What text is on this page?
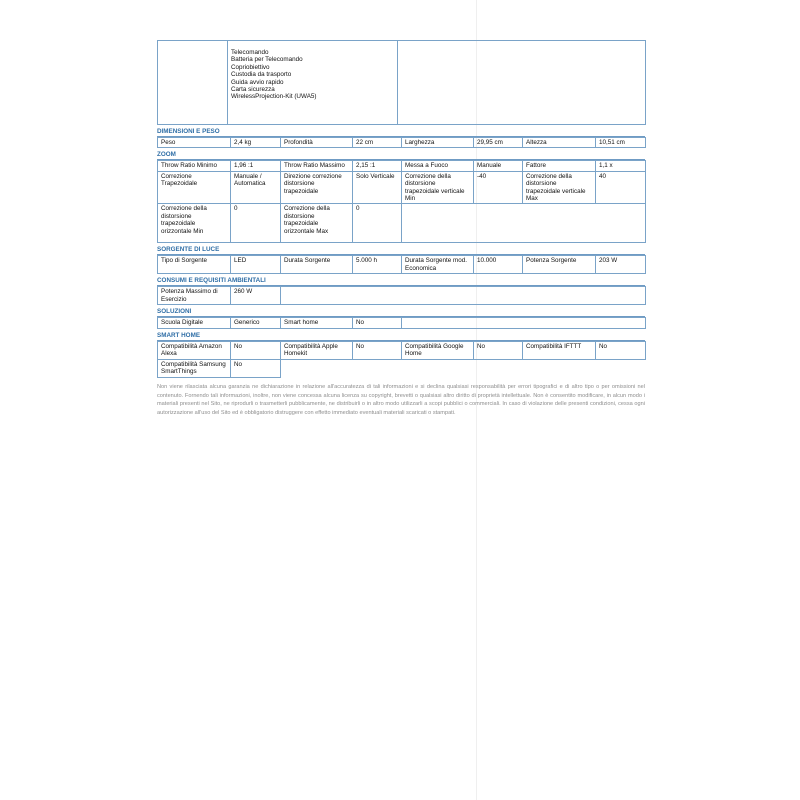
	Telecomando
Batteria per Telecomando
Copriobiettivo
Custodia da trasporto
Guida avvio rapido
Carta sicurezza
WirelessProjection-Kit (UWA5)	
DIMENSIONI E PESO
Peso	2,4 kg	Profondità	22 cm	Larghezza	29,95 cm	Altezza	10,51 cm
ZOOM
Throw Ratio Minimo	1,96 :1	Throw Ratio Massimo	2,15 :1	Messa a Fuoco	Manuale	Fattore	1,1 x
Correzione Trapezoidale	Manuale / Automatica	Direzione correzione distorsione trapezoidale	Solo Verticale	Correzione della distorsione trapezoidale verticale Min	-40	Correzione della distorsione trapezoidale verticale Max	40
Correzione della distorsione trapezoidale orizzontale Min	0	Correzione della distorsione trapezoidale orizzontale Max	0				
SORGENTE DI LUCE
Tipo di Sorgente	LED	Durata Sorgente	5.000 h	Durata Sorgente mod. Economica	10.000	Potenza Sorgente	203 W
CONSUMI E REQUISITI AMBIENTALI
Potenza Massimo di Esercizio	260 W	
SOLUZIONI
Scuola Digitale	Generico	Smart home	No	
SMART HOME
Compatibilità Amazon Alexa	No	Compatibilità Apple Homekit	No	Compatibilità Google Home	No	Compatibilità IFTTT	No
Compatibilità Samsung SmartThings	No						
Non viene rilasciata alcuna garanzia ne dichiarazione in relazione all'accuratezza di tali informazioni e si declina qualsiasi responsabilità per errori tipografici e di altro tipo o per omissioni nel contenuto. Fornendo tali informazioni, inoltre, non viene concessa alcuna licenza su copyright, brevetti o qualsiasi altro diritto di proprietà intellettuale. Non è consentito modificare, in alcun modo i materiali presenti nel Sito, ne riprodurli o trasmetterli pubblicamente, ne distribuirli o in altro modo utilizzarli a scopi pubblici o commerciali. In caso di violazione delle presenti condizioni, cessa ogni autorizzazione all'uso del Sito ed è obbligatorio distruggere con effetto immediato eventuali materiali scaricati o stampati.
